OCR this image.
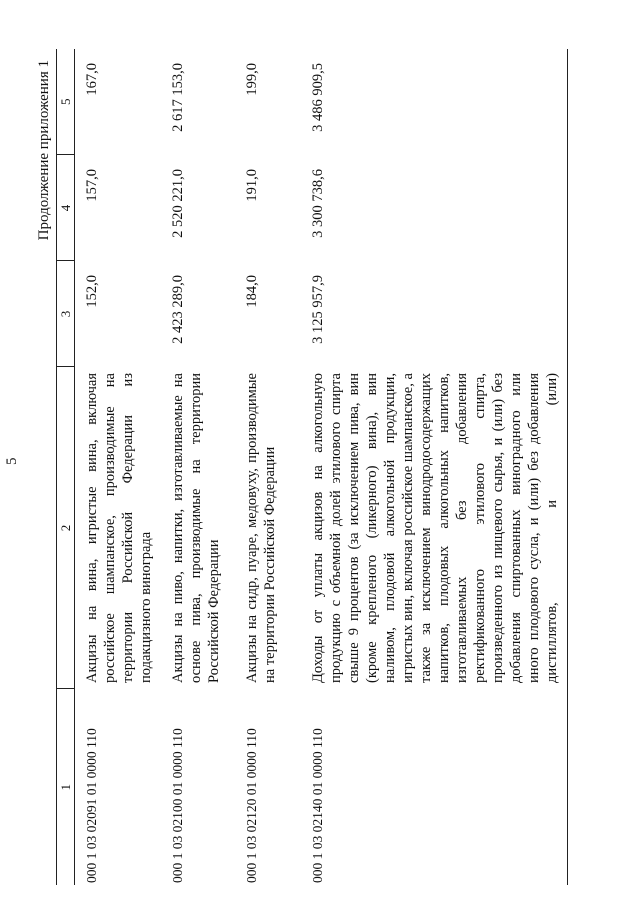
5
Продолжение приложения 1
1	2	3	4	5
000 1 03 02091 01 0000 110	Акцизы на вина, игристые вина, включая российское шампанское, производимые на территории Российской Федерации из подакцизного винограда	152,0	157,0	167,0
000 1 03 02100 01 0000 110	Акцизы на пиво, напитки, изготавливаемые на основе пива, производимые на территории Российской Федерации	2 423 289,0	2 520 221,0	2 617 153,0
000 1 03 02120 01 0000 110	Акцизы на сидр, пуаре, медовуху, производимые на территории Российской Федерации	184,0	191,0	199,0
000 1 03 02140 01 0000 110	Доходы от уплаты акцизов на алкогольную продукцию с объемной долей этилового спирта свыше 9 процентов (за исключением пива, вин (кроме крепленого (ликерного) вина), вин наливом, плодовой алкогольной продукции, игристых вин, включая российское шампанское, а также за исключением винодродосодержащих напитков, плодовых алкогольных напитков, изготавливаемых без добавления ректификованного этилового спирта, произведенного из пищевого сырья, и (или) без добавления спиртованных виноградного или иного плодового сусла, и (или) без добавления дистиллятов, и (или)	3 125 957,9	3 300 738,6	3 486 909,5
